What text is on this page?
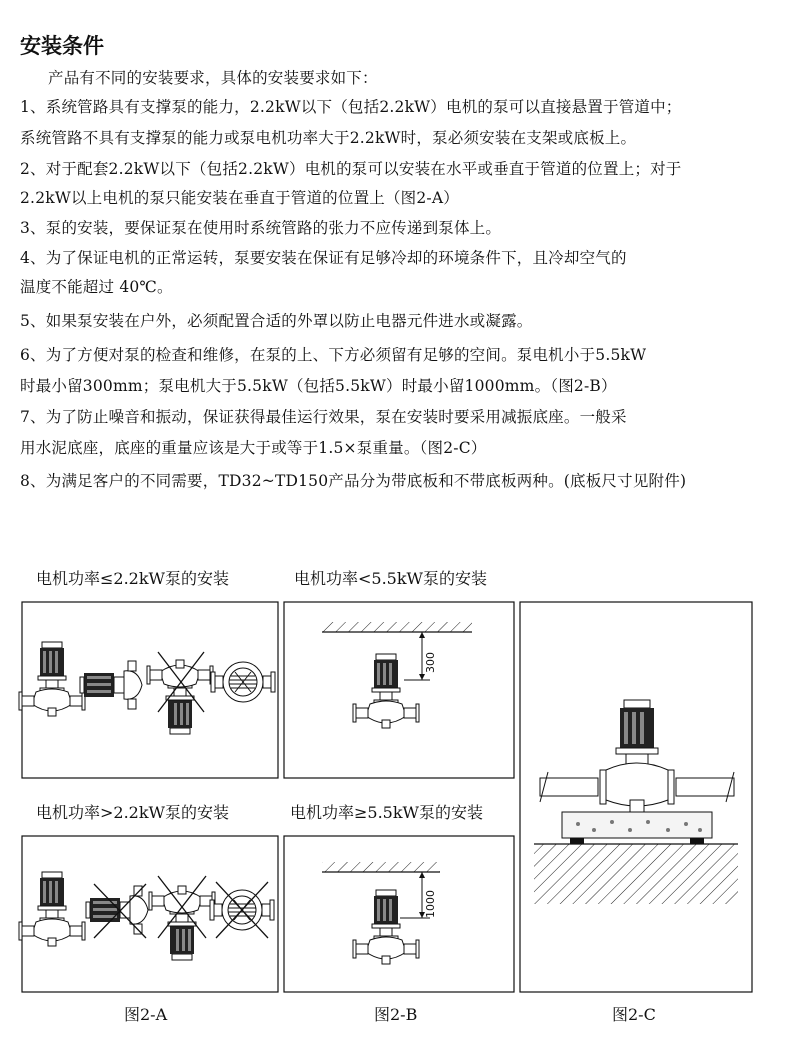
安装条件
产品有不同的安装要求，具体的安装要求如下：
1、系统管路具有支撑泵的能力，2.2kW以下（包括2.2kW）电机的泵可以直接悬置于管道中；
系统管路不具有支撑泵的能力或泵电机功率大于2.2kW时，泵必须安装在支架或底板上。
2、对于配套2.2kW以下（包括2.2kW）电机的泵可以安装在水平或垂直于管道的位置上；对于
2.2kW以上电机的泵只能安装在垂直于管道的位置上（图2-A）
3、泵的安装，要保证泵在使用时系统管路的张力不应传递到泵体上。
4、为了保证电机的正常运转，泵要安装在保证有足够冷却的环境条件下，且冷却空气的
温度不能超过 40℃。
5、如果泵安装在户外，必须配置合适的外罩以防止电器元件进水或凝露。
6、为了方便对泵的检查和维修，在泵的上、下方必须留有足够的空间。泵电机小于5.5kW
时最小留300mm；泵电机大于5.5kW（包括5.5kW）时最小留1000mm。（图2-B）
7、为了防止噪音和振动，保证获得最佳运行效果，泵在安装时要采用减振底座。一般采
用水泥底座，底座的重量应该是大于或等于1.5×泵重量。（图2-C）
8、为满足客户的不同需要，TD32~TD150产品分为带底板和不带底板两种。(底板尺寸见附件)
电机功率≤2.2kW泵的安装	电机功率<5.5kW泵的安装
电机功率>2.2kW泵的安装	电机功率≥5.5kW泵的安装
300
1000
图2-A	图2-B	图2-C
